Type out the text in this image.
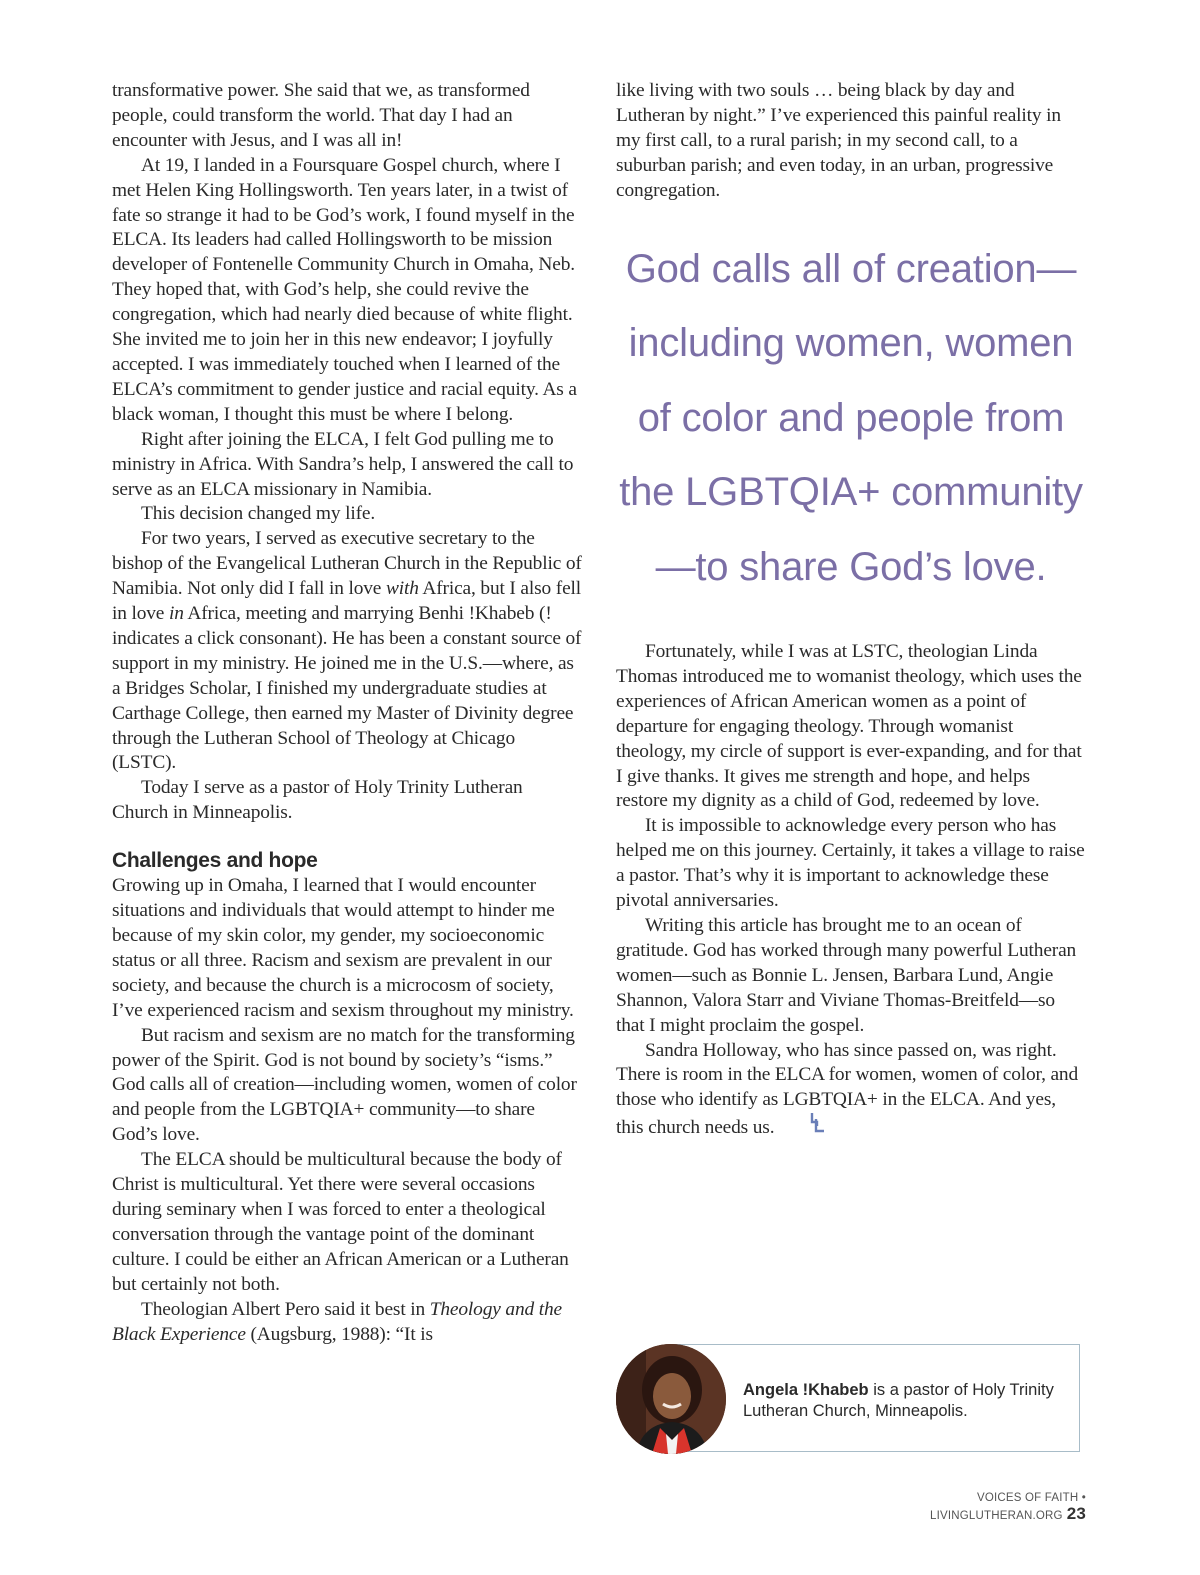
transformative power. She said that we, as transformed people, could transform the world. That day I had an encounter with Jesus, and I was all in!

At 19, I landed in a Foursquare Gospel church, where I met Helen King Hollingsworth. Ten years later, in a twist of fate so strange it had to be God’s work, I found myself in the ELCA. Its leaders had called Hollingsworth to be mission developer of Fontenelle Community Church in Omaha, Neb. They hoped that, with God’s help, she could revive the congregation, which had nearly died because of white flight. She invited me to join her in this new endeavor; I joyfully accepted. I was immediately touched when I learned of the ELCA’s commitment to gender justice and racial equity. As a black woman, I thought this must be where I belong.

Right after joining the ELCA, I felt God pulling me to ministry in Africa. With Sandra’s help, I answered the call to serve as an ELCA missionary in Namibia.

This decision changed my life.

For two years, I served as executive secretary to the bishop of the Evangelical Lutheran Church in the Republic of Namibia. Not only did I fall in love with Africa, but I also fell in love in Africa, meeting and marrying Benhi !Khabeb (! indicates a click consonant). He has been a constant source of support in my ministry. He joined me in the U.S.—where, as a Bridges Scholar, I finished my undergraduate studies at Carthage College, then earned my Master of Divinity degree through the Lutheran School of Theology at Chicago (LSTC).

Today I serve as a pastor of Holy Trinity Lutheran Church in Minneapolis.

Challenges and hope

Growing up in Omaha, I learned that I would encounter situations and individuals that would attempt to hinder me because of my skin color, my gender, my socioeconomic status or all three. Racism and sexism are prevalent in our society, and because the church is a microcosm of society, I’ve experienced racism and sexism throughout my ministry.

But racism and sexism are no match for the transforming power of the Spirit. God is not bound by society’s “isms.” God calls all of creation—including women, women of color and people from the LGBTQIA+ community—to share God’s love.

The ELCA should be multicultural because the body of Christ is multicultural. Yet there were several occasions during seminary when I was forced to enter a theological conversation through the vantage point of the dominant culture. I could be either an African American or a Lutheran but certainly not both.

Theologian Albert Pero said it best in Theology and the Black Experience (Augsburg, 1988): “It is

like living with two souls … being black by day and Lutheran by night.” I’ve experienced this painful reality in my first call, to a rural parish; in my second call, to a suburban parish; and even today, in an urban, progressive congregation.

God calls all of creation—including women, women of color and people from the LGBTQIA+ community—to share God’s love.

Fortunately, while I was at LSTC, theologian Linda Thomas introduced me to womanist theology, which uses the experiences of African American women as a point of departure for engaging theology. Through womanist theology, my circle of support is ever-expanding, and for that I give thanks. It gives me strength and hope, and helps restore my dignity as a child of God, redeemed by love.

It is impossible to acknowledge every person who has helped me on this journey. Certainly, it takes a village to raise a pastor. That’s why it is important to acknowledge these pivotal anniversaries.

Writing this article has brought me to an ocean of gratitude. God has worked through many powerful Lutheran women—such as Bonnie L. Jensen, Barbara Lund, Angie Shannon, Valora Starr and Viviane Thomas-Breitfeld—so that I might proclaim the gospel.

Sandra Holloway, who has since passed on, was right. There is room in the ELCA for women, women of color, and those who identify as LGBTQIA+ in the ELCA. And yes, this church needs us.

Angela !Khabeb is a pastor of Holy Trinity Lutheran Church, Minneapolis.
VOICES OF FAITH • LIVINGLUTHERAN.ORG 23
